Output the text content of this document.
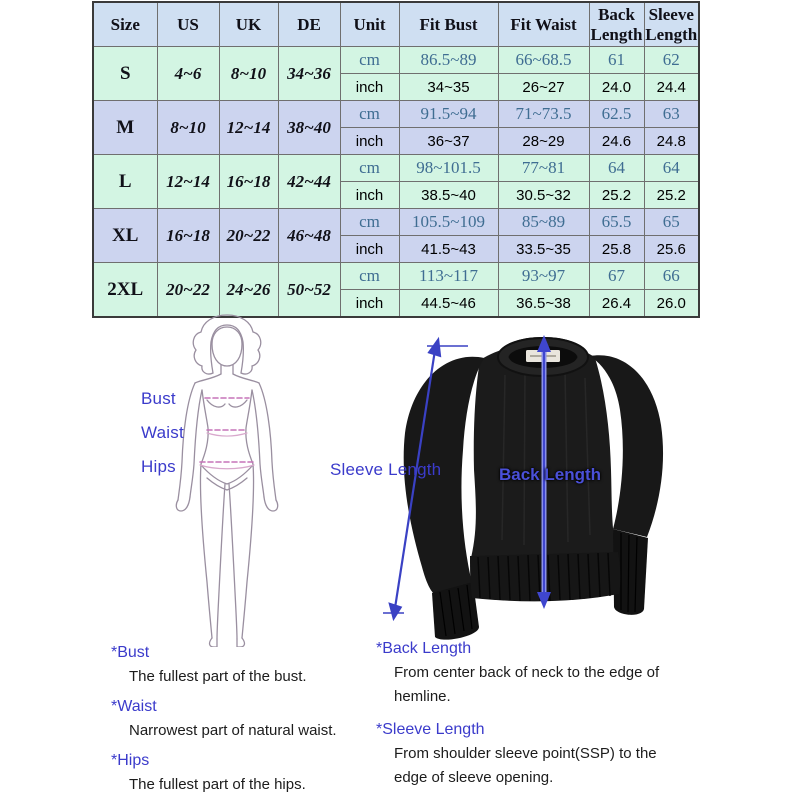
Size	US	UK	DE	Unit	Fit Bust	Fit Waist	Back Length	Sleeve Length
S	4~6	8~10	34~36	cm	86.5~89	66~68.5	61	62
				inch	34~35	26~27	24.0	24.4
M	8~10	12~14	38~40	cm	91.5~94	71~73.5	62.5	63
				inch	36~37	28~29	24.6	24.8
L	12~14	16~18	42~44	cm	98~101.5	77~81	64	64
				inch	38.5~40	30.5~32	25.2	25.2
XL	16~18	20~22	46~48	cm	105.5~109	85~89	65.5	65
				inch	41.5~43	33.5~35	25.8	25.6
2XL	20~22	24~26	50~52	cm	113~117	93~97	67	66
				inch	44.5~46	36.5~38	26.4	26.0
Bust
Waist
Hips	Sleeve Length	Back Length
*Bust
The fullest part of the bust.
*Waist
Narrowest part of natural waist.
*Hips
The fullest part of the hips.
*Back Length
From center back of neck to the edge of hemline.
*Sleeve Length
From shoulder sleeve point(SSP) to the edge of sleeve opening.
